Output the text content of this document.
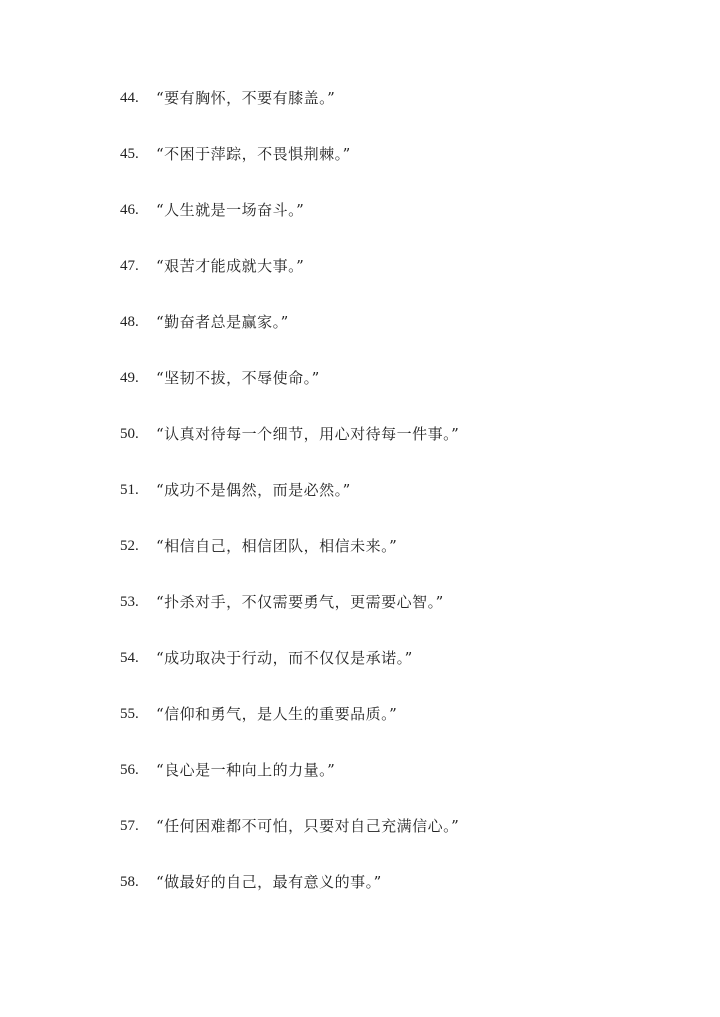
44.	“要有胸怀，不要有膝盖。”
45.	“不困于萍踪，不畏惧荆棘。”
46.	“人生就是一场奋斗。”
47.	“艰苦才能成就大事。”
48.	“勤奋者总是赢家。”
49.	“坚韧不拔，不辱使命。”
50.	“认真对待每一个细节，用心对待每一件事。”
51.	“成功不是偶然，而是必然。”
52.	“相信自己，相信团队，相信未来。”
53.	“扑杀对手，不仅需要勇气，更需要心智。”
54.	“成功取决于行动，而不仅仅是承诺。”
55.	“信仰和勇气，是人生的重要品质。”
56.	“良心是一种向上的力量。”
57.	“任何困难都不可怕，只要对自己充满信心。”
58.	“做最好的自己，最有意义的事。”
